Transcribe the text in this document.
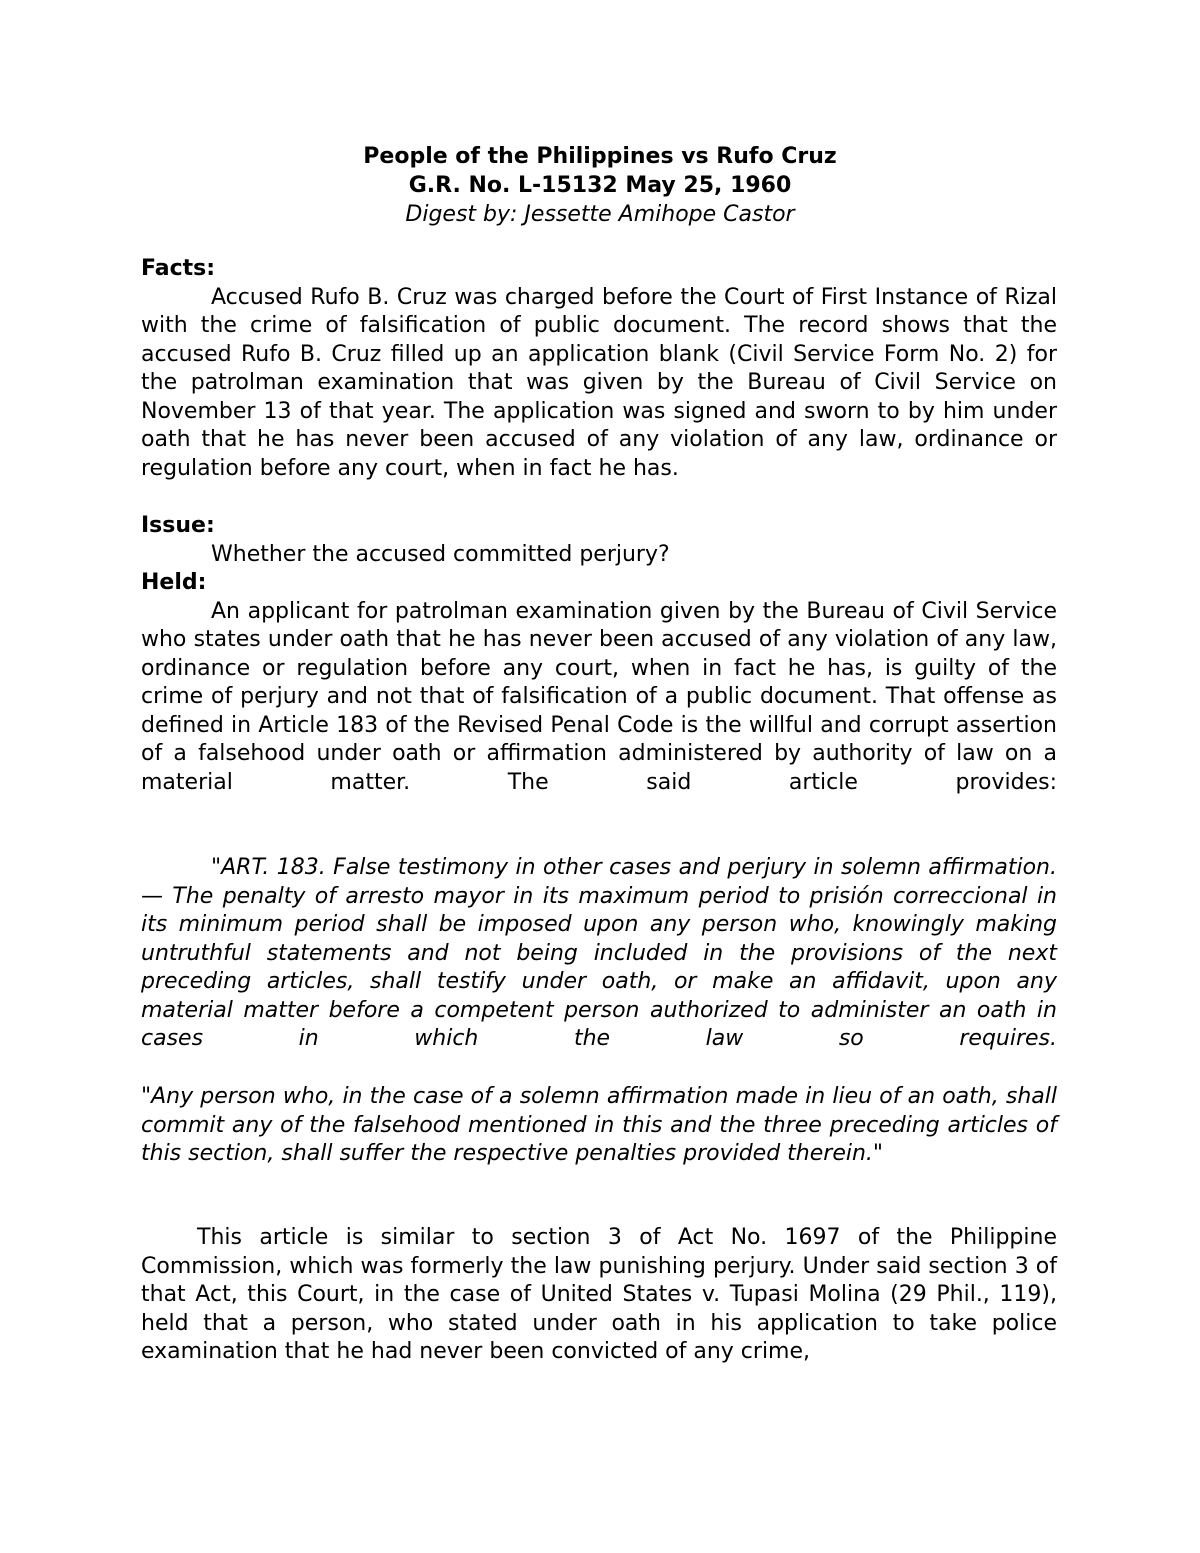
People of the Philippines vs Rufo Cruz
G.R. No. L-15132 May 25, 1960
Digest by: Jessette Amihope Castor
Facts:

Accused Rufo B. Cruz was charged before the Court of First Instance of Rizal with the crime of falsification of public document. The record shows that the accused Rufo B. Cruz filled up an application blank (Civil Service Form No. 2) for the patrolman examination that was given by the Bureau of Civil Service on November 13 of that year. The application was signed and sworn to by him under oath that he has never been accused of any violation of any law, ordinance or regulation before any court, when in fact he has.

Issue:

Whether the accused committed perjury?

Held:

An applicant for patrolman examination given by the Bureau of Civil Service who states under oath that he has never been accused of any violation of any law, ordinance or regulation before any court, when in fact he has, is guilty of the crime of perjury and not that of falsification of a public document. That offense as defined in Article 183 of the Revised Penal Code is the willful and corrupt assertion of a falsehood under oath or affirmation administered by authority of law on a material matter. The said article provides:

"ART. 183. False testimony in other cases and perjury in solemn affirmation. — The penalty of arresto mayor in its maximum period to prisión correccional in its minimum period shall be imposed upon any person who, knowingly making untruthful statements and not being included in the provisions of the next preceding articles, shall testify under oath, or make an affidavit, upon any material matter before a competent person authorized to administer an oath in cases in which the law so requires.

"Any person who, in the case of a solemn affirmation made in lieu of an oath, shall commit any of the falsehood mentioned in this and the three preceding articles of this section, shall suffer the respective penalties provided therein."

This article is similar to section 3 of Act No. 1697 of the Philippine Commission, which was formerly the law punishing perjury. Under said section 3 of that Act, this Court, in the case of United States v. Tupasi Molina (29 Phil., 119), held that a person, who stated under oath in his application to take police examination that he had never been convicted of any crime,
